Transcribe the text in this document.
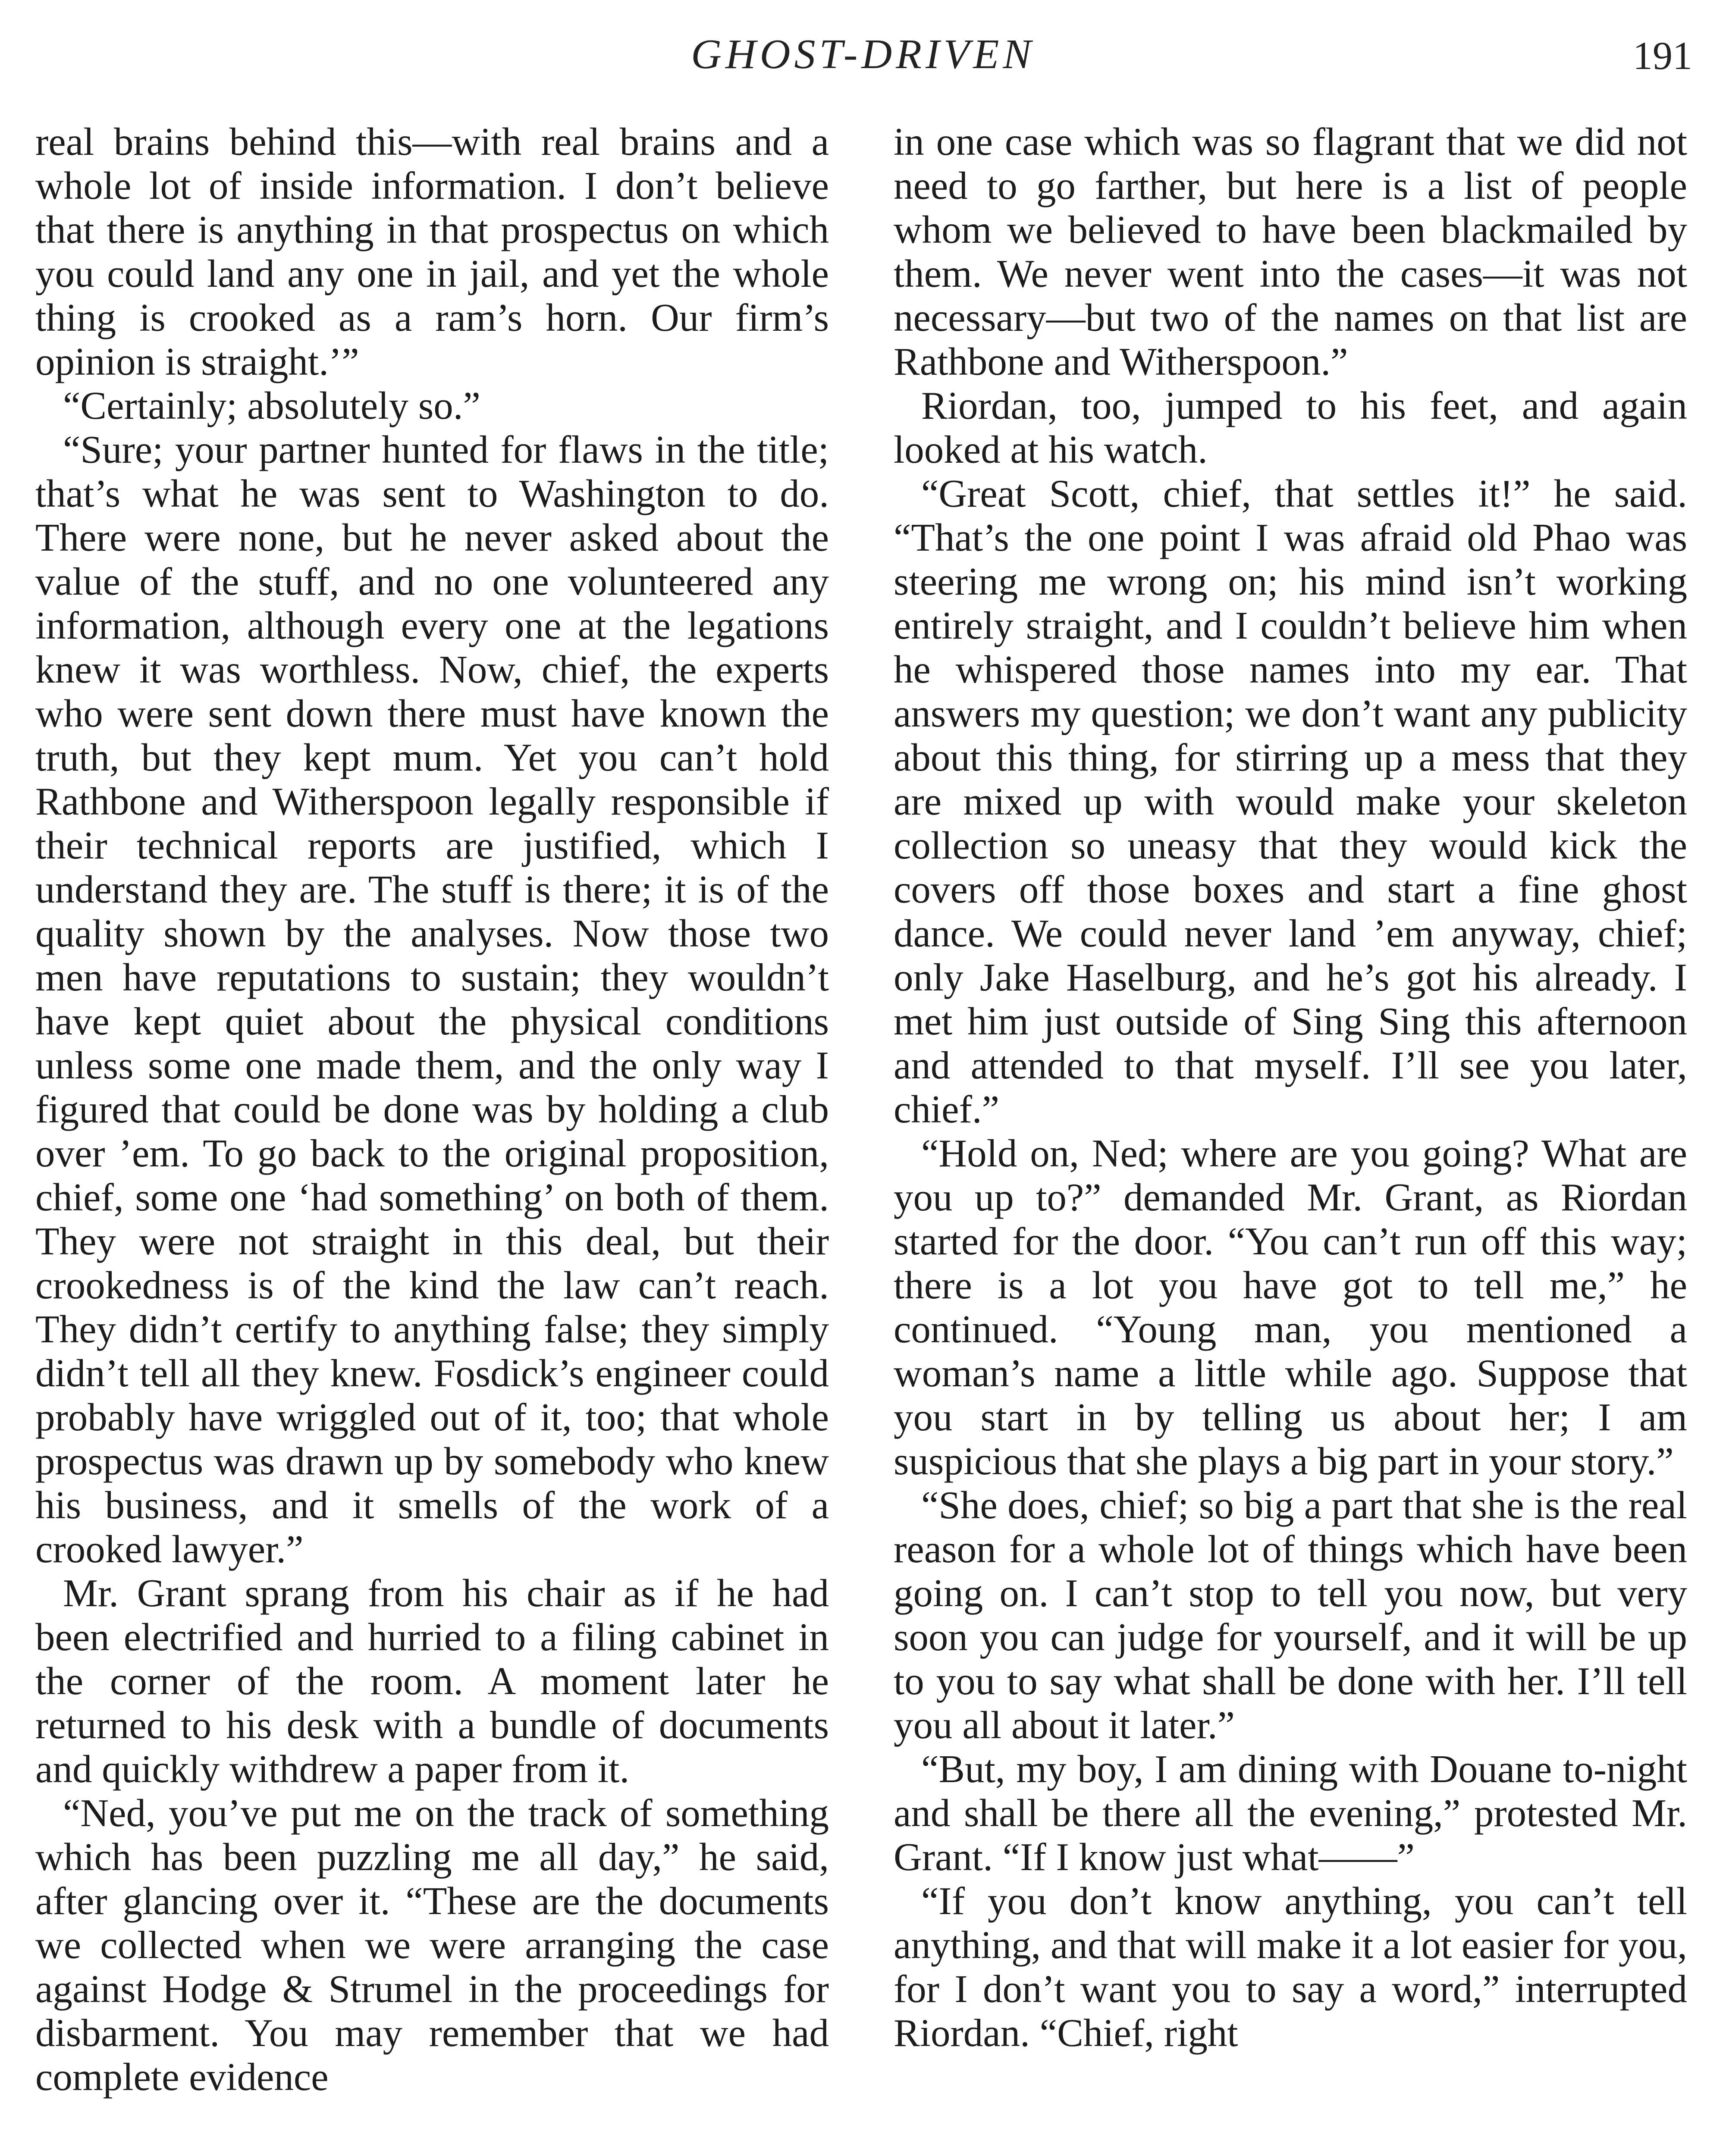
GHOST-DRIVEN	191

real brains behind this—with real brains and a whole lot of inside information. I don’t believe that there is anything in that prospectus on which you could land any one in jail, and yet the whole thing is crooked as a ram’s horn. Our firm’s opinion is straight.’”

“Certainly; absolutely so.”

“Sure; your partner hunted for flaws in the title; that’s what he was sent to Washington to do. There were none, but he never asked about the value of the stuff, and no one volunteered any information, although every one at the legations knew it was worthless. Now, chief, the experts who were sent down there must have known the truth, but they kept mum. Yet you can’t hold Rathbone and Witherspoon legally responsible if their technical reports are justified, which I understand they are. The stuff is there; it is of the quality shown by the analyses. Now those two men have reputations to sustain; they wouldn’t have kept quiet about the physical conditions unless some one made them, and the only way I figured that could be done was by holding a club over ’em. To go back to the original proposition, chief, some one ‘had something’ on both of them. They were not straight in this deal, but their crookedness is of the kind the law can’t reach. They didn’t certify to anything false; they simply didn’t tell all they knew. Fosdick’s engineer could probably have wriggled out of it, too; that whole prospectus was drawn up by somebody who knew his business, and it smells of the work of a crooked lawyer.”

Mr. Grant sprang from his chair as if he had been electrified and hurried to a filing cabinet in the corner of the room. A moment later he returned to his desk with a bundle of documents and quickly withdrew a paper from it.

“Ned, you’ve put me on the track of something which has been puzzling me all day,” he said, after glancing over it. “These are the documents we collected when we were arranging the case against Hodge & Strumel in the proceedings for disbarment. You may remember that we had complete evidence

in one case which was so flagrant that we did not need to go farther, but here is a list of people whom we believed to have been blackmailed by them. We never went into the cases—it was not necessary—but two of the names on that list are Rathbone and Witherspoon.”

Riordan, too, jumped to his feet, and again looked at his watch.

“Great Scott, chief, that settles it!” he said. “That’s the one point I was afraid old Phao was steering me wrong on; his mind isn’t working entirely straight, and I couldn’t believe him when he whispered those names into my ear. That answers my question; we don’t want any publicity about this thing, for stirring up a mess that they are mixed up with would make your skeleton collection so uneasy that they would kick the covers off those boxes and start a fine ghost dance. We could never land ’em anyway, chief; only Jake Haselburg, and he’s got his already. I met him just outside of Sing Sing this afternoon and attended to that myself. I’ll see you later, chief.”

“Hold on, Ned; where are you going? What are you up to?” demanded Mr. Grant, as Riordan started for the door. “You can’t run off this way; there is a lot you have got to tell me,” he continued. “Young man, you mentioned a woman’s name a little while ago. Suppose that you start in by telling us about her; I am suspicious that she plays a big part in your story.”

“She does, chief; so big a part that she is the real reason for a whole lot of things which have been going on. I can’t stop to tell you now, but very soon you can judge for yourself, and it will be up to you to say what shall be done with her. I’ll tell you all about it later.”

“But, my boy, I am dining with Douane to-night and shall be there all the evening,” protested Mr. Grant. “If I know just what——”

“If you don’t know anything, you can’t tell anything, and that will make it a lot easier for you, for I don’t want you to say a word,” interrupted Riordan. “Chief, right
